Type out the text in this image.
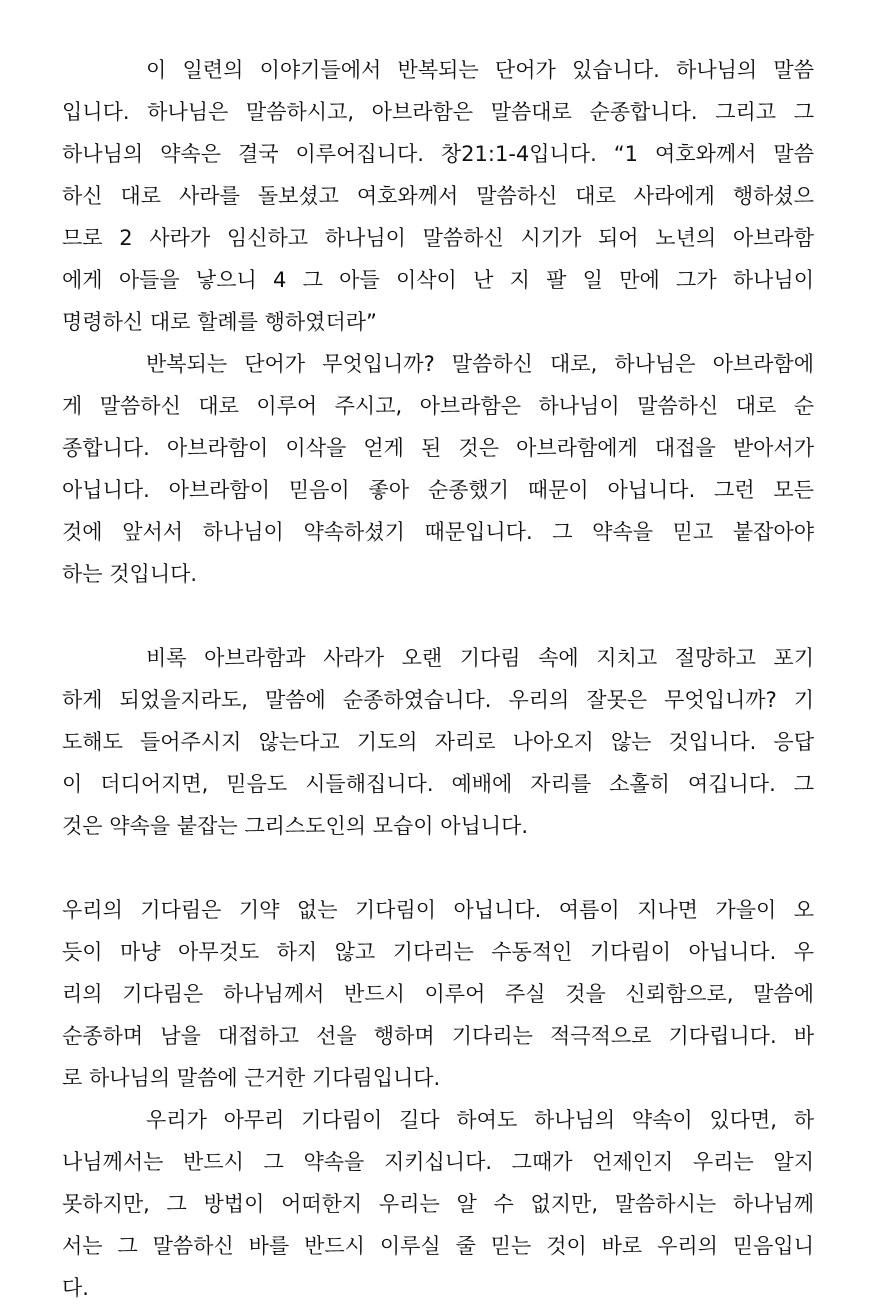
이 일련의 이야기들에서 반복되는 단어가 있습니다. 하나님의 말씀
입니다. 하나님은 말씀하시고, 아브라함은 말씀대로 순종합니다. 그리고 그
하나님의 약속은 결국 이루어집니다. 창21:1-4입니다. “1 여호와께서 말씀
하신 대로 사라를 돌보셨고 여호와께서 말씀하신 대로 사라에게 행하셨으
므로 2 사라가 임신하고 하나님이 말씀하신 시기가 되어 노년의 아브라함
에게 아들을 낳으니 4 그 아들 이삭이 난 지 팔 일 만에 그가 하나님이
명령하신 대로 할례를 행하였더라”
반복되는 단어가 무엇입니까? 말씀하신 대로, 하나님은 아브라함에
게 말씀하신 대로 이루어 주시고, 아브라함은 하나님이 말씀하신 대로 순
종합니다. 아브라함이 이삭을 얻게 된 것은 아브라함에게 대접을 받아서가
아닙니다. 아브라함이 믿음이 좋아 순종했기 때문이 아닙니다. 그런 모든
것에 앞서서 하나님이 약속하셨기 때문입니다. 그 약속을 믿고 붙잡아야
하는 것입니다.
비록 아브라함과 사라가 오랜 기다림 속에 지치고 절망하고 포기
하게 되었을지라도, 말씀에 순종하였습니다. 우리의 잘못은 무엇입니까? 기
도해도 들어주시지 않는다고 기도의 자리로 나아오지 않는 것입니다. 응답
이 더디어지면, 믿음도 시들해집니다. 예배에 자리를 소홀히 여깁니다. 그
것은 약속을 붙잡는 그리스도인의 모습이 아닙니다.
우리의 기다림은 기약 없는 기다림이 아닙니다. 여름이 지나면 가을이 오
듯이 마냥 아무것도 하지 않고 기다리는 수동적인 기다림이 아닙니다. 우
리의 기다림은 하나님께서 반드시 이루어 주실 것을 신뢰함으로, 말씀에
순종하며 남을 대접하고 선을 행하며 기다리는 적극적으로 기다립니다. 바
로 하나님의 말씀에 근거한 기다림입니다.
우리가 아무리 기다림이 길다 하여도 하나님의 약속이 있다면, 하
나님께서는 반드시 그 약속을 지키십니다. 그때가 언제인지 우리는 알지
못하지만, 그 방법이 어떠한지 우리는 알 수 없지만, 말씀하시는 하나님께
서는 그 말씀하신 바를 반드시 이루실 줄 믿는 것이 바로 우리의 믿음입니
다.
